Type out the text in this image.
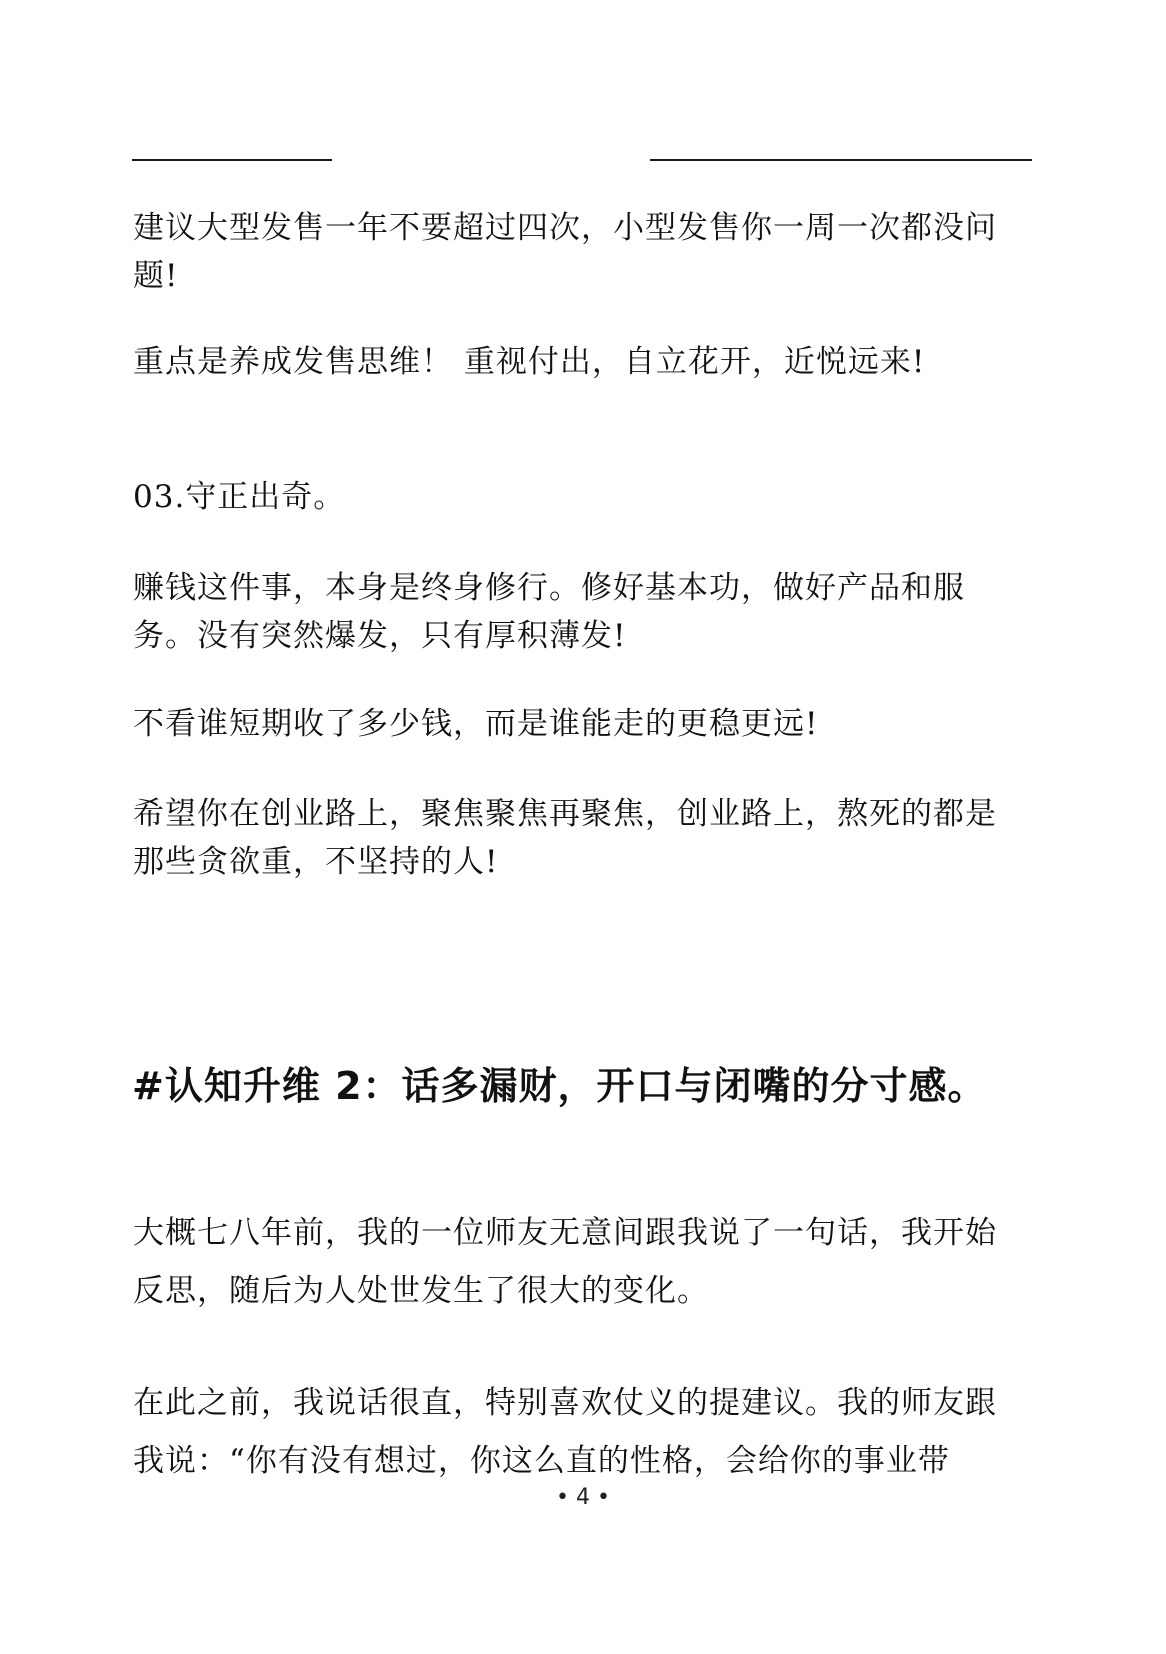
建议大型发售一年不要超过四次，小型发售你一周一次都没问题!

重点是养成发售思维！ 重视付出，自立花开，近悦远来!

03.守正出奇。

赚钱这件事，本身是终身修行。修好基本功，做好产品和服务。没有突然爆发，只有厚积薄发!

不看谁短期收了多少钱，而是谁能走的更稳更远!

希望你在创业路上，聚焦聚焦再聚焦，创业路上，熬死的都是那些贪欲重，不坚持的人!

#认知升维 2：话多漏财，开口与闭嘴的分寸感。

大概七八年前，我的一位师友无意间跟我说了一句话，我开始反思，随后为人处世发生了很大的变化。

在此之前，我说话很直，特别喜欢仗义的提建议。我的师友跟我说：“你有没有想过，你这么直的性格，会给你的事业带

• 4 •
